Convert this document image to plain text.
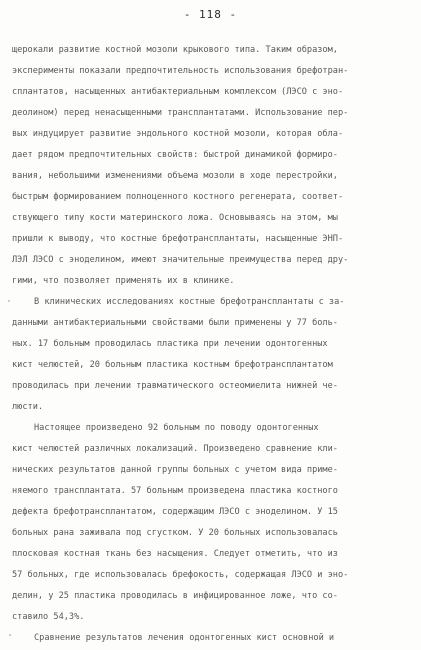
- 118 -
щерокали развитие костной мозоли крыкового типа. Таким образом,
эксперименты показали предпочтительность использования брефотран-
сплантатов, насыщенных антибактериальным комплексом (ЛЭСО с эно-
деолином) перед ненасыщенными трансплантатами. Использование пер-
вых индуцирует развитие эндольного костной мозоли, которая обла-
дает рядом предпочтительных свойств: быстрой динамикой формиро-
вания, небольшими изменениями объема мозоли в ходе перестройки,
быстрым формированием полноценного костного регенерата, соответ-
ствующего типу кости материнского ложа. Основываясь на этом, мы
пришли к выводу, что костные брефотрансплантаты, насыщенные ЭНП-
ЛЭЛ ЛЭСО с эноделином, имеют значительные преимущества перед дру-
гими, что позволяет применять их в клинике.
В клинических исследованиях костные брефотрансплантаты с за-
данными антибактериальными свойствами были применены у 77 боль-
ных. 17 больным проводилась пластика при лечении одонтогенных
кист челюстей, 20 больным пластика костным брефотрансплантатом
проводилась при лечении травматического остеомиелита нижней че-
люсти.
Настоящее произведено 92 больным по поводу одонтогенных
кист челюстей различных локализаций. Произведено сравнение кли-
нических результатов данной группы больных с учетом вида приме-
няемого трансплантата. 57 больным произведена пластика костного
дефекта брефотрансплантатом, содержащим ЛЭСО с эноделином. У 15
больных рана заживала под сгустком. У 20 больных использовалась
плосковая костная ткань без насыщения. Следует отметить, что из
57 больных, где использовалась брефокость, содержащая ЛЭСО и эно-
делин, у 25 пластика проводилась в инфицированное ложе, что со-
ставило 54,3%.
Сравнение результатов лечения одонтогенных кист основной и
